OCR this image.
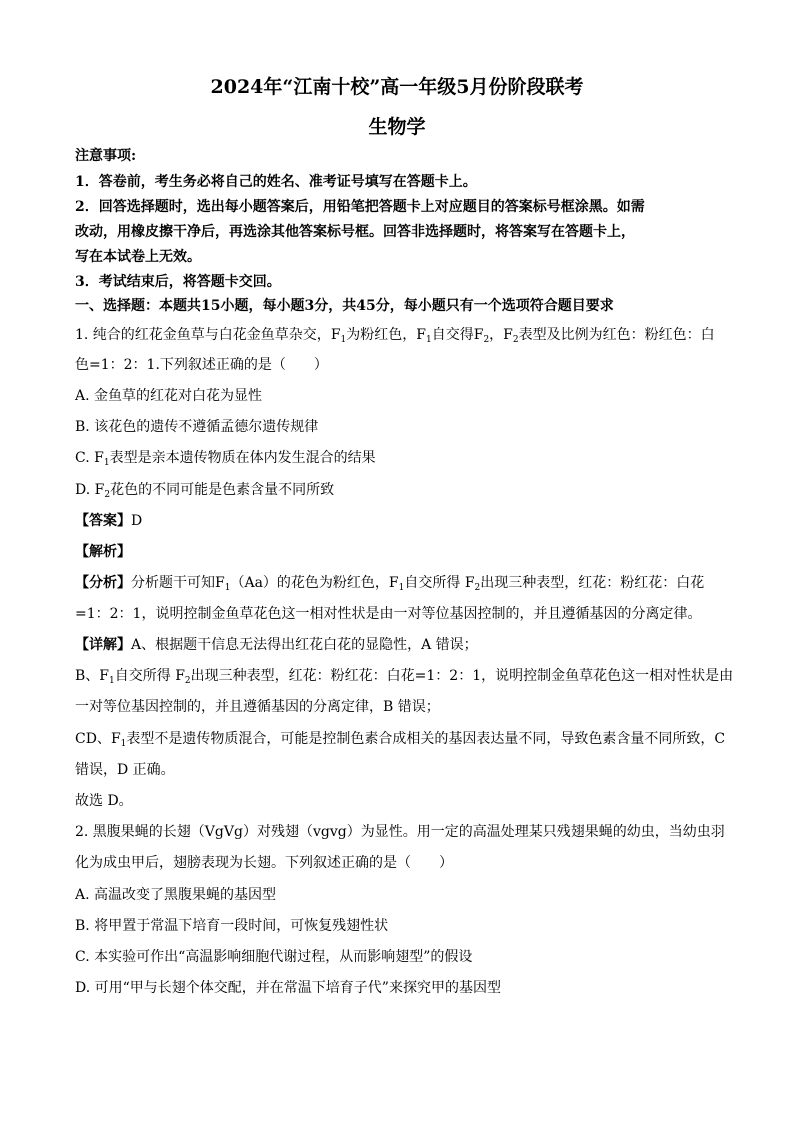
2024年“江南十校”高一年级5月份阶段联考
生物学
注意事项:
1．答卷前，考生务必将自己的姓名、准考证号填写在答题卡上。
2．回答选择题时，选出每小题答案后，用铅笔把答题卡上对应题目的答案标号框涂黑。如需
改动，用橡皮擦干净后，再选涂其他答案标号框。回答非选择题时，将答案写在答题卡上，
写在本试卷上无效。
3．考试结束后，将答题卡交回。
一、选择题：本题共15小题，每小题3分，共45分，每小题只有一个选项符合题目要求
1. 纯合的红花金鱼草与白花金鱼草杂交，$F_1$为粉红色，$F_1$自交得$F_2$，$F_2$表型及比例为红色：粉红色：白
色=1：2：1.下列叙述正确的是（　　）
A. 金鱼草的红花对白花为显性
B. 该花色的遗传不遵循孟德尔遗传规律
C. $F_1$表型是亲本遗传物质在体内发生混合的结果
D. $F_2$花色的不同可能是色素含量不同所致
【答案】D
【解析】
【分析】分析题干可知$F_1(Aa)$的花色为粉红色，$F_1$自交所得 $F_2$出现三种表型，红花：粉红花：白花
=1：2：1，说明控制金鱼草花色这一相对性状是由一对等位基因控制的，并且遵循基因的分离定律。
【详解】A、根据题干信息无法得出红花白花的显隐性，A 错误；
B、$F_1$自交所得 $F_2$出现三种表型，红花：粉红花：白花=1：2：1，说明控制金鱼草花色这一相对性状是由
一对等位基因控制的，并且遵循基因的分离定律，B 错误；
CD、$F_1$表型不是遗传物质混合，可能是控制色素合成相关的基因表达量不同，导致色素含量不同所致，C
错误，D 正确。
故选 D。
2. 黑腹果蝇的长翅（VgVg）对残翅（vgvg）为显性。用一定的高温处理某只残翅果蝇的幼虫，当幼虫羽
化为成虫甲后，翅膀表现为长翅。下列叙述正确的是（　　）
A. 高温改变了黑腹果蝇的基因型
B. 将甲置于常温下培育一段时间，可恢复残翅性状
C. 本实验可作出“高温影响细胞代谢过程，从而影响翅型”的假设
D. 可用“甲与长翅个体交配，并在常温下培育子代”来探究甲的基因型
